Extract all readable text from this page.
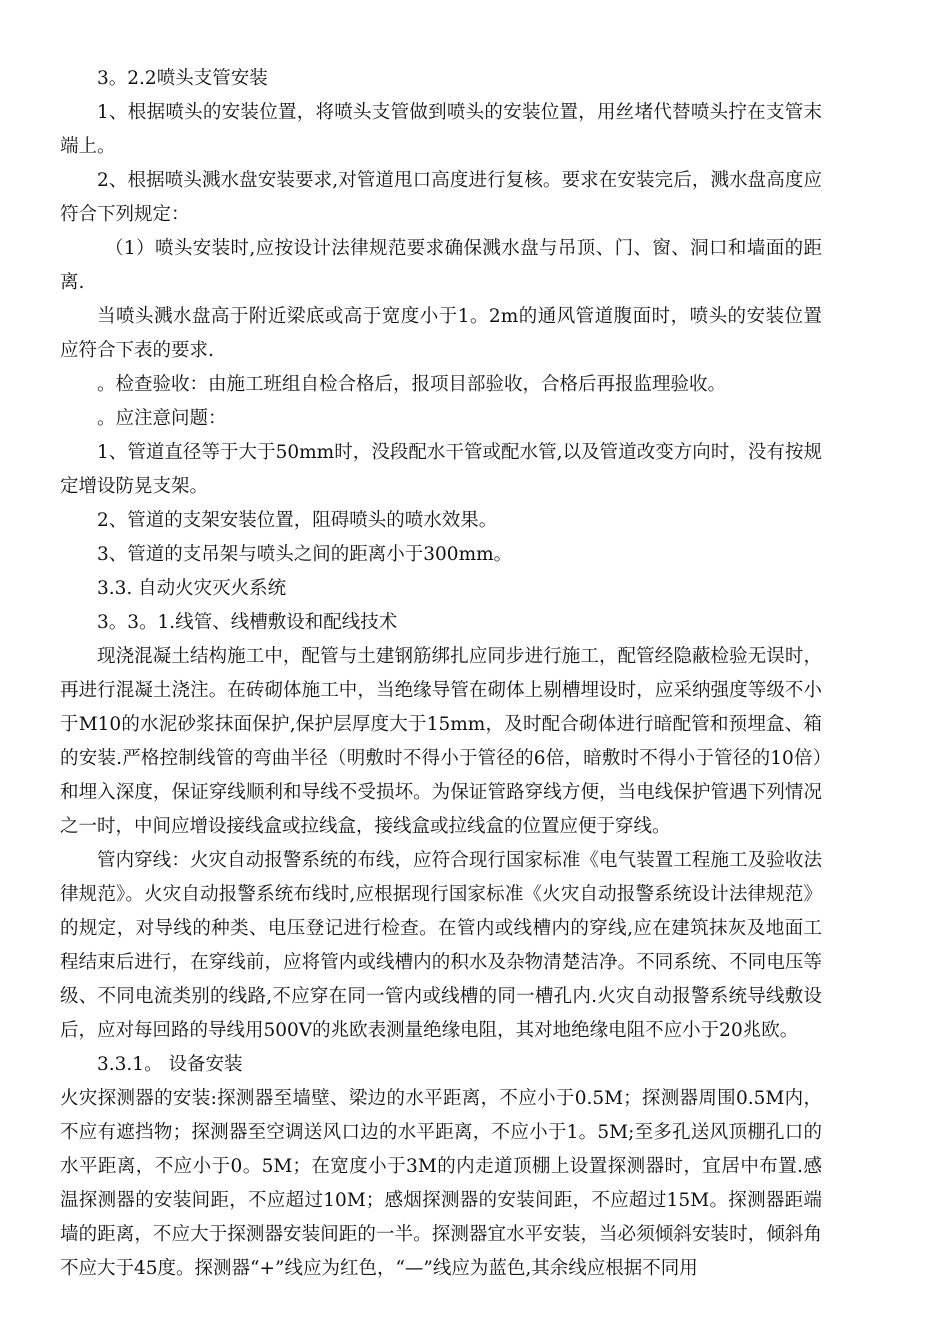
3。2.2喷头支管安装

1、根据喷头的安装位置，将喷头支管做到喷头的安装位置，用丝堵代替喷头拧在支管末端上。

2、根据喷头溅水盘安装要求,对管道甩口高度进行复核。要求在安装完后，溅水盘高度应符合下列规定：

（1）喷头安装时,应按设计法律规范要求确保溅水盘与吊顶、门、窗、洞口和墙面的距离.

当喷头溅水盘高于附近梁底或高于宽度小于1。2m的通风管道腹面时，喷头的安装位置应符合下表的要求.

。检查验收：由施工班组自检合格后，报项目部验收，合格后再报监理验收。

。应注意问题：

1、管道直径等于大于50mm时，没段配水干管或配水管,以及管道改变方向时，没有按规定增设防晃支架。

2、管道的支架安装位置，阻碍喷头的喷水效果。

3、管道的支吊架与喷头之间的距离小于300mm。

3.3. 自动火灾灭火系统

3。3。1.线管、线槽敷设和配线技术

现浇混凝土结构施工中，配管与土建钢筋绑扎应同步进行施工，配管经隐蔽检验无误时，再进行混凝土浇注。在砖砌体施工中，当绝缘导管在砌体上剔槽埋设时，应采纳强度等级不小于M10的水泥砂浆抹面保护,保护层厚度大于15mm，及时配合砌体进行暗配管和预埋盒、箱的安装.严格控制线管的弯曲半径（明敷时不得小于管径的6倍，暗敷时不得小于管径的10倍）和埋入深度，保证穿线顺利和导线不受损坏。为保证管路穿线方便，当电线保护管遇下列情况之一时，中间应增设接线盒或拉线盒，接线盒或拉线盒的位置应便于穿线。

管内穿线：火灾自动报警系统的布线，应符合现行国家标准《电气装置工程施工及验收法律规范》。火灾自动报警系统布线时,应根据现行国家标准《火灾自动报警系统设计法律规范》的规定，对导线的种类、电压登记进行检查。在管内或线槽内的穿线,应在建筑抹灰及地面工程结束后进行，在穿线前，应将管内或线槽内的积水及杂物清楚洁净。不同系统、不同电压等级、不同电流类别的线路,不应穿在同一管内或线槽的同一槽孔内.火灾自动报警系统导线敷设后，应对每回路的导线用500V的兆欧表测量绝缘电阻，其对地绝缘电阻不应小于20兆欧。

3.3.1。 设备安装

火灾探测器的安装:探测器至墙壁、梁边的水平距离，不应小于0.5M；探测器周围0.5M内，不应有遮挡物；探测器至空调送风口边的水平距离，不应小于1。5M;至多孔送风顶棚孔口的水平距离，不应小于0。5M；在宽度小于3M的内走道顶棚上设置探测器时，宜居中布置.感温探测器的安装间距，不应超过10M；感烟探测器的安装间距，不应超过15M。探测器距端墙的距离，不应大于探测器安装间距的一半。探测器宜水平安装，当必须倾斜安装时，倾斜角不应大于45度。探测器“+”线应为红色，“—”线应为蓝色,其余线应根据不同用
